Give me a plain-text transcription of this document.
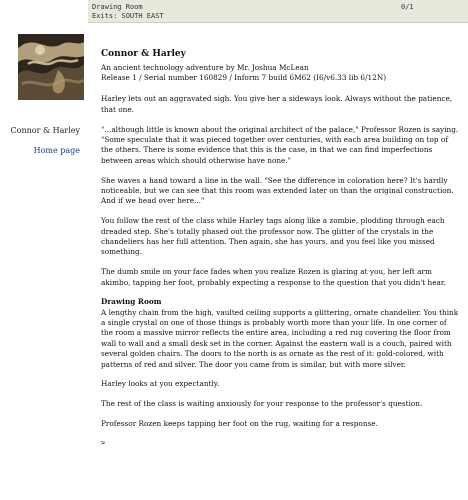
Drawing Room
Exits: SOUTH EAST
0/1
Connor & Harley
Home page
Connor & Harley
An ancient technology adventure by Mr. Joshua McLean
Release 1 / Serial number 160829 / Inform 7 build 6M62 (I6/v6.33 lib 6/12N)

Harley lets out an aggravated sigh. You give her a sideways look. Always without the patience, that one.

"...although little is known about the original architect of the palace," Professor Rozen is saying. "Some speculate that it was pieced together over centuries, with each area building on top of the others. There is some evidence that this is the case, in that we can find imperfections between areas which should otherwise have none."

She waves a hand toward a line in the wall. "See the difference in coloration here? It's hardly noticeable, but we can see that this room was extended later on than the original construction. And if we head over here..."

You follow the rest of the class while Harley tags along like a zombie, plodding through each dreaded step. She's totally phased out the professor now. The glitter of the crystals in the chandeliers has her full attention. Then again, she has yours, and you feel like you missed something.

The dumb smile on your face fades when you realize Rozen is glaring at you, her left arm akimbo, tapping her foot, probably expecting a response to the question that you didn't hear.

Drawing Room

A lengthy chain from the high, vaulted ceiling supports a glittering, ornate chandelier. You think a single crystal on one of those things is probably worth more than your life. In one corner of the room a massive mirror reflects the entire area, including a red rug covering the floor from wall to wall and a small desk set in the corner. Against the eastern wall is a couch, paired with several golden chairs. The doors to the north is as ornate as the rest of it: gold-colored, with patterns of red and silver. The door you came from is similar, but with more silver.

Harley looks at you expectantly.

The rest of the class is waiting anxiously for your response to the professor's question.

Professor Rozen keeps tapping her foot on the rug, waiting for a response.

>
